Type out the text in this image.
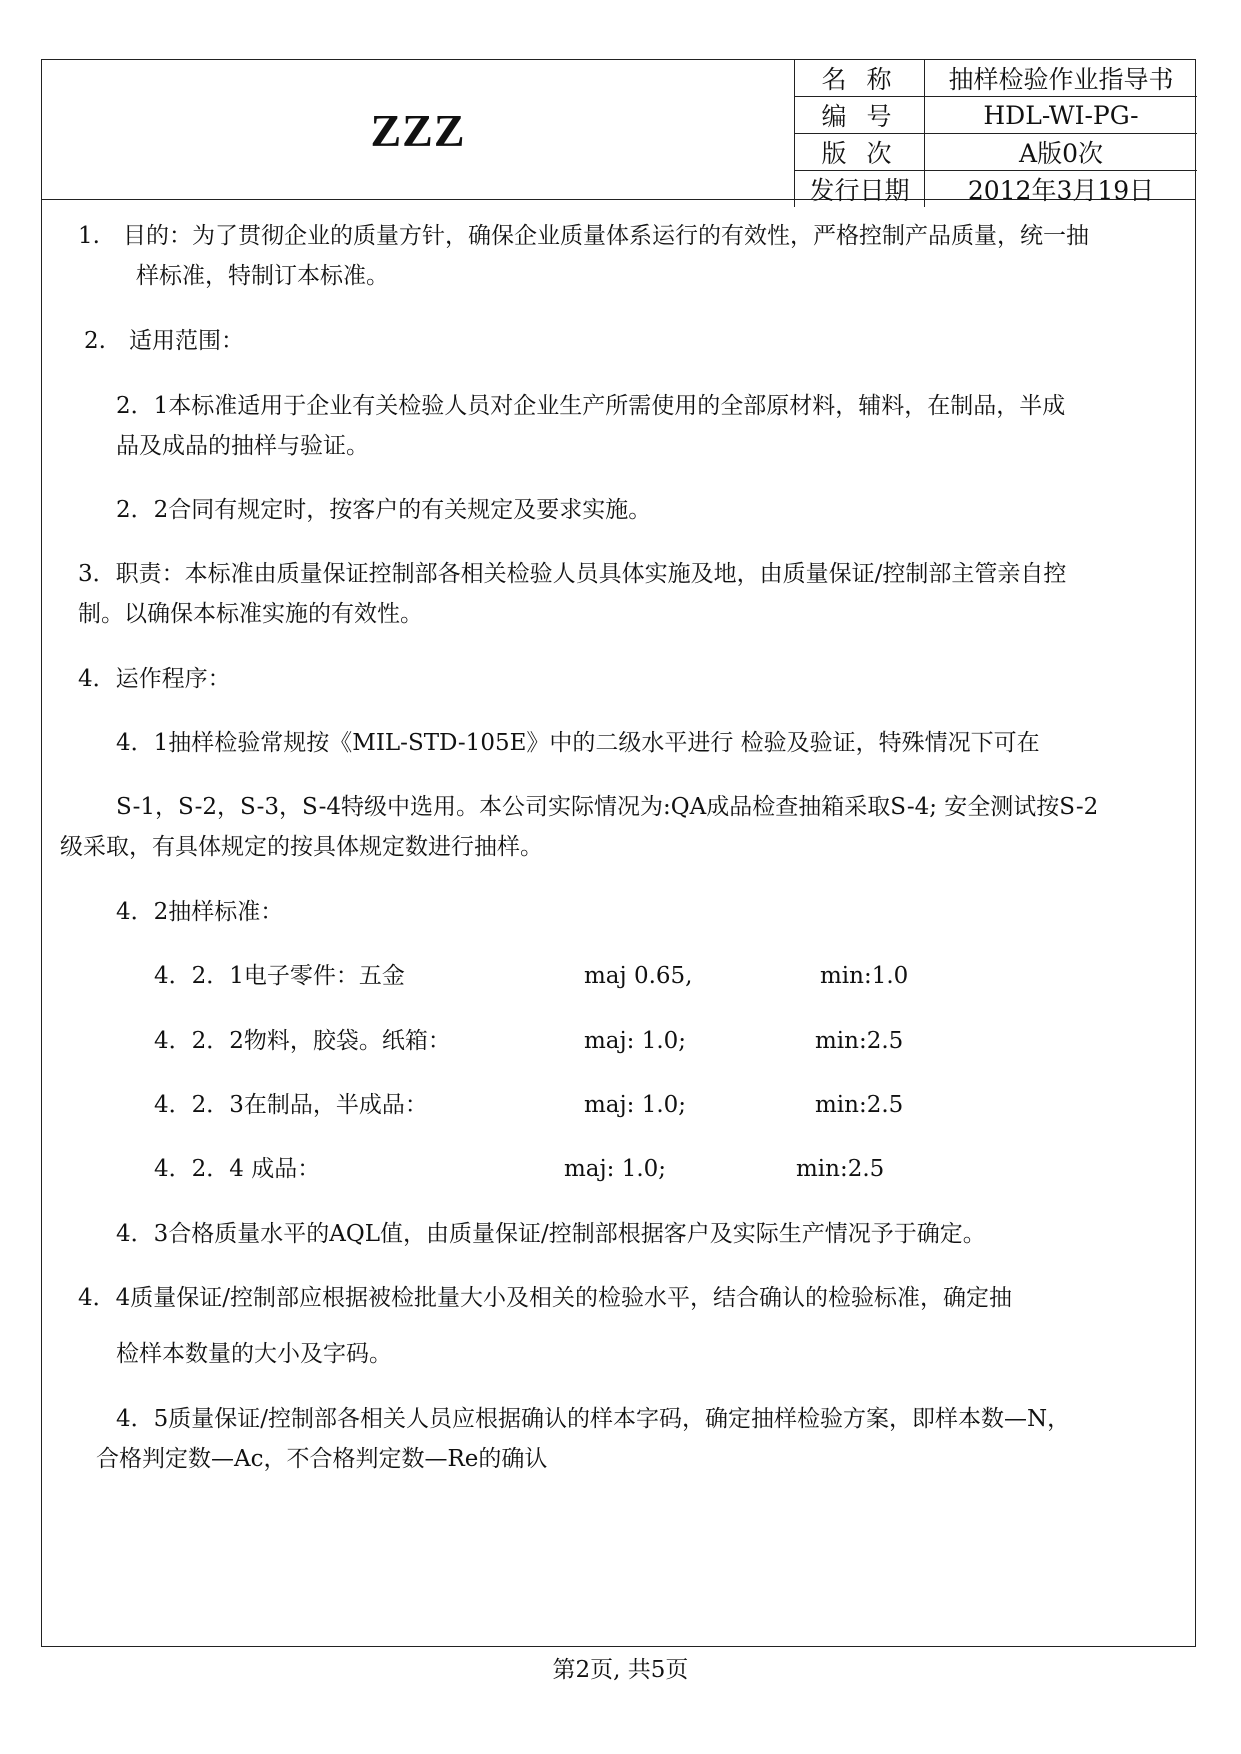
ZZZ
名 称	抽样检验作业指导书
编 号	HDL-WI-PG-
版 次	A版0次
发行日期	2012年3月19日
1.　目的：为了贯彻企业的质量方针，确保企业质量体系运行的有效性，严格控制产品质量，统一抽
样标准，特制订本标准。
2.　适用范围：
2．1本标准适用于企业有关检验人员对企业生产所需使用的全部原材料，辅料，在制品，半成
品及成品的抽样与验证。
2．2合同有规定时，按客户的有关规定及要求实施。
3．职责：本标准由质量保证控制部各相关检验人员具体实施及地，由质量保证/控制部主管亲自控
制。以确保本标准实施的有效性。
4．运作程序：
4．1抽样检验常规按《MIL-STD-105E》中的二级水平进行 检验及验证，特殊情况下可在
S-1，S-2，S-3，S-4特级中选用。本公司实际情况为:QA成品检查抽箱采取S-4; 安全测试按S-2
级采取，有具体规定的按具体规定数进行抽样。
4．2抽样标准：
4．2．1电子零件：五金	maj 0.65,	min:1.0
4．2．2物料，胶袋。纸箱：	maj: 1.0;	min:2.5
4．2．3在制品，半成品：	maj: 1.0;	min:2.5
4．2．4 成品：	maj: 1.0;	min:2.5
4．3合格质量水平的AQL值，由质量保证/控制部根据客户及实际生产情况予于确定。
4．4质量保证/控制部应根据被检批量大小及相关的检验水平，结合确认的检验标准，确定抽
检样本数量的大小及字码。
4．5质量保证/控制部各相关人员应根据确认的样本字码，确定抽样检验方案，即样本数—N，
合格判定数—Ac，不合格判定数—Re的确认
第2页, 共5页
